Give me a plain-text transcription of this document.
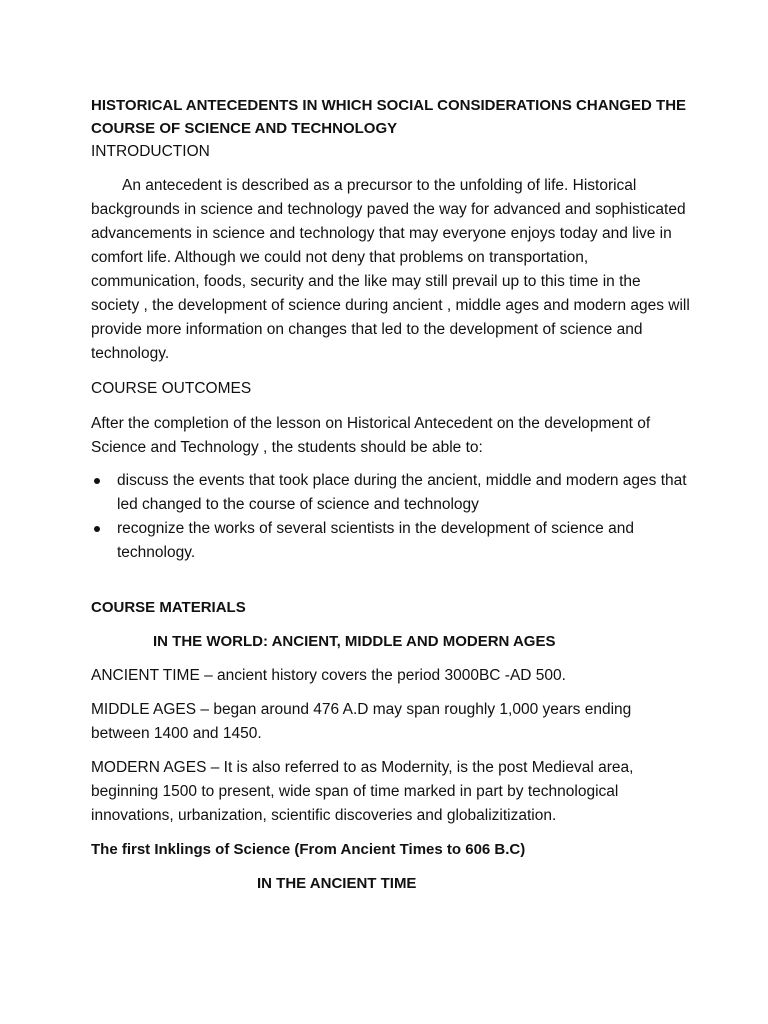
HISTORICAL ANTECEDENTS IN WHICH SOCIAL CONSIDERATIONS CHANGED THE COURSE OF SCIENCE AND TECHNOLOGY

INTRODUCTION

An antecedent is described as a precursor to the unfolding of life. Historical backgrounds in science and technology paved the way for advanced and sophisticated advancements in science and technology that may everyone enjoys today and live in comfort life. Although we could not deny that problems on transportation, communication, foods, security and the like may still prevail up to this time in the society , the development of science during ancient , middle ages and modern ages will provide more information on changes that led to the development of science and technology.

COURSE OUTCOMES

After the completion of the lesson on Historical Antecedent on the development of Science and Technology , the students should be able to:

discuss the events that took place during the ancient, middle and modern ages that led changed to the course of science and technology
recognize the works of several scientists in the development of science and technology.

COURSE MATERIALS

IN THE WORLD: ANCIENT, MIDDLE AND MODERN AGES

ANCIENT TIME – ancient history covers the period 3000BC -AD 500.

MIDDLE AGES – began around 476 A.D may span roughly 1,000 years ending between 1400 and 1450.

MODERN AGES – It is also referred to as Modernity, is the post Medieval area, beginning 1500 to present, wide span of time marked in part by technological innovations, urbanization, scientific discoveries and globalizitization.

The first Inklings of Science (From Ancient Times to 606 B.C)

IN THE ANCIENT TIME
